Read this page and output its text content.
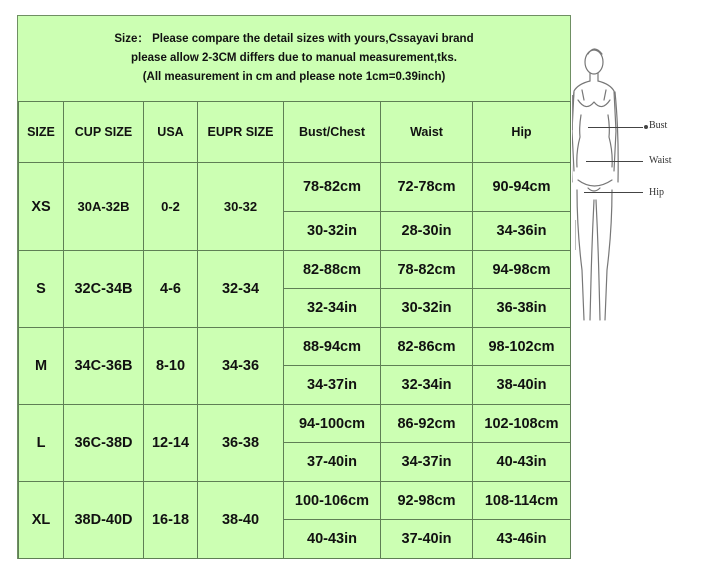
Size： Please compare the detail sizes with yours,Cssayavi brand
please allow 2-3CM differs due to manual measurement,tks.
(All measurement in cm and please note 1cm=0.39inch)
SIZE	CUP SIZE	USA	EUPR SIZE	Bust/Chest	Waist	Hip
XS	30A-32B	0-2	30-32	78-82cm	72-78cm	90-94cm
				30-32in	28-30in	34-36in
S	32C-34B	4-6	32-34	82-88cm	78-82cm	94-98cm
				32-34in	30-32in	36-38in
M	34C-36B	8-10	34-36	88-94cm	82-86cm	98-102cm
				34-37in	32-34in	38-40in
L	36C-38D	12-14	36-38	94-100cm	86-92cm	102-108cm
				37-40in	34-37in	40-43in
XL	38D-40D	16-18	38-40	100-106cm	92-98cm	108-114cm
				40-43in	37-40in	43-46in
Bust
Waist
Hip
